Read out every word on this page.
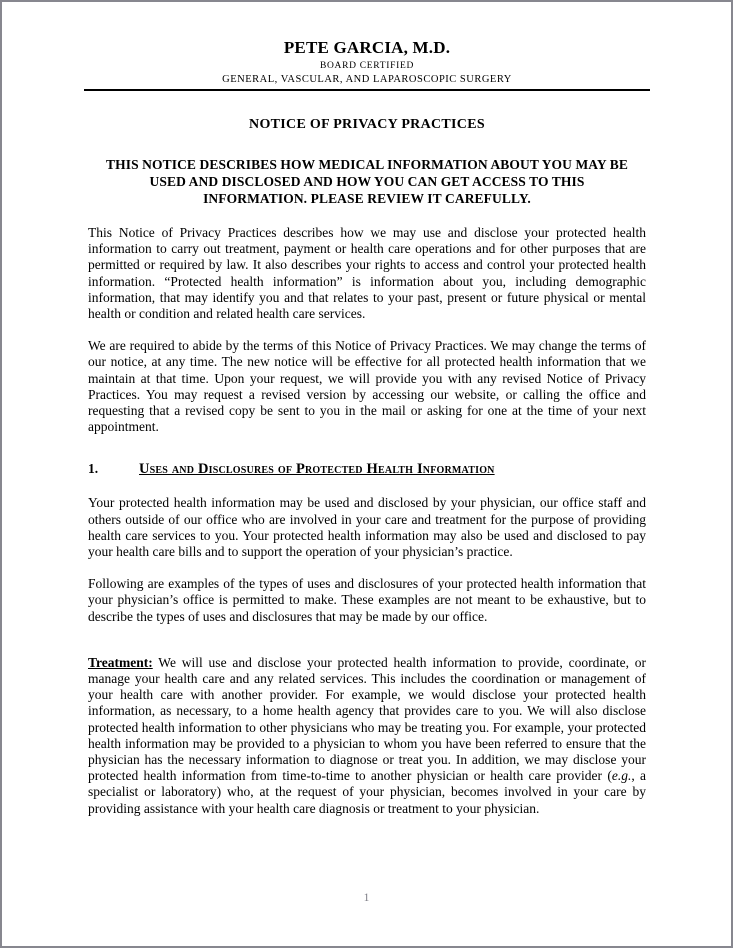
PETE GARCIA, M.D.
BOARD CERTIFIED
GENERAL, VASCULAR, AND LAPAROSCOPIC SURGERY
NOTICE OF PRIVACY PRACTICES
THIS NOTICE DESCRIBES HOW MEDICAL INFORMATION ABOUT YOU MAY BE
USED AND DISCLOSED AND HOW YOU CAN GET ACCESS TO THIS
INFORMATION. PLEASE REVIEW IT CAREFULLY.

This Notice of Privacy Practices describes how we may use and disclose your protected health information to carry out treatment, payment or health care operations and for other purposes that are permitted or required by law. It also describes your rights to access and control your protected health information. “Protected health information” is information about you, including demographic information, that may identify you and that relates to your past, present or future physical or mental health or condition and related health care services.

We are required to abide by the terms of this Notice of Privacy Practices. We may change the terms of our notice, at any time. The new notice will be effective for all protected health information that we maintain at that time. Upon your request, we will provide you with any revised Notice of Privacy Practices. You may request a revised version by accessing our website, or calling the office and requesting that a revised copy be sent to you in the mail or asking for one at the time of your next appointment.

1.	Uses and Disclosures of Protected Health Information

Your protected health information may be used and disclosed by your physician, our office staff and others outside of our office who are involved in your care and treatment for the purpose of providing health care services to you. Your protected health information may also be used and disclosed to pay your health care bills and to support the operation of your physician’s practice.

Following are examples of the types of uses and disclosures of your protected health information that your physician’s office is permitted to make. These examples are not meant to be exhaustive, but to describe the types of uses and disclosures that may be made by our office.

Treatment: We will use and disclose your protected health information to provide, coordinate, or manage your health care and any related services. This includes the coordination or management of your health care with another provider. For example, we would disclose your protected health information, as necessary, to a home health agency that provides care to you. We will also disclose protected health information to other physicians who may be treating you. For example, your protected health information may be provided to a physician to whom you have been referred to ensure that the physician has the necessary information to diagnose or treat you. In addition, we may disclose your protected health information from time-to-time to another physician or health care provider (e.g., a specialist or laboratory) who, at the request of your physician, becomes involved in your care by providing assistance with your health care diagnosis or treatment to your physician.

1
